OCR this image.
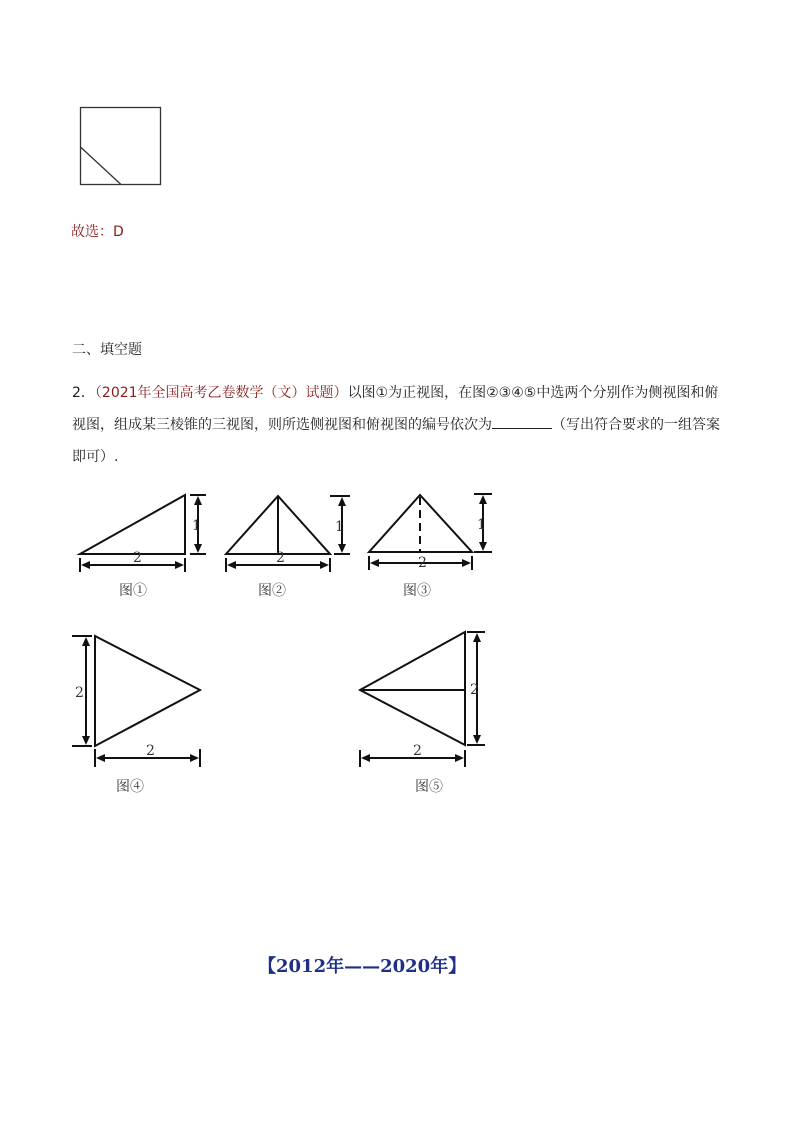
故选：D
二、填空题
2．（2021年全国高考乙卷数学（文）试题）以图①为正视图，在图②③④⑤中选两个分别作为侧视图和俯视图，组成某三棱锥的三视图，则所选侧视图和俯视图的编号依次为	（写出符合要求的一组答案即可）.
1
2
图①
1
2
图②
1
2
图③
2
2
图④
2
2
图⑤
【2012年——2020年】
